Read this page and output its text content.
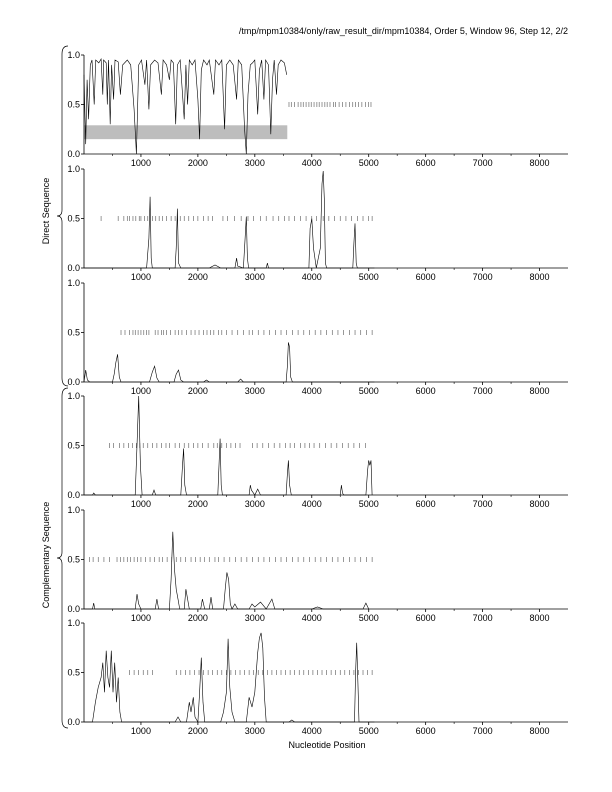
/tmp/mpm10384/only/raw_result_dir/mpm10384, Order 5, Window 96, Step 12, 2/2
0.0
0.5
1.0
1000	2000	3000	4000	5000	6000	7000	8000
0.0
0.5
1.0
1000	2000	3000	4000	5000	6000	7000	8000
0.0
0.5
1.0
1000	2000	3000	4000	5000	6000	7000	8000
0.0
0.5
1.0
1000	2000	3000	4000	5000	6000	7000	8000
0.0
0.5
1.0
1000	2000	3000	4000	5000	6000	7000	8000
0.0
0.5
1.0
1000	2000	3000	4000	5000	6000	7000	8000
Direct Sequence
Complementary Sequence
Nucleotide Position
